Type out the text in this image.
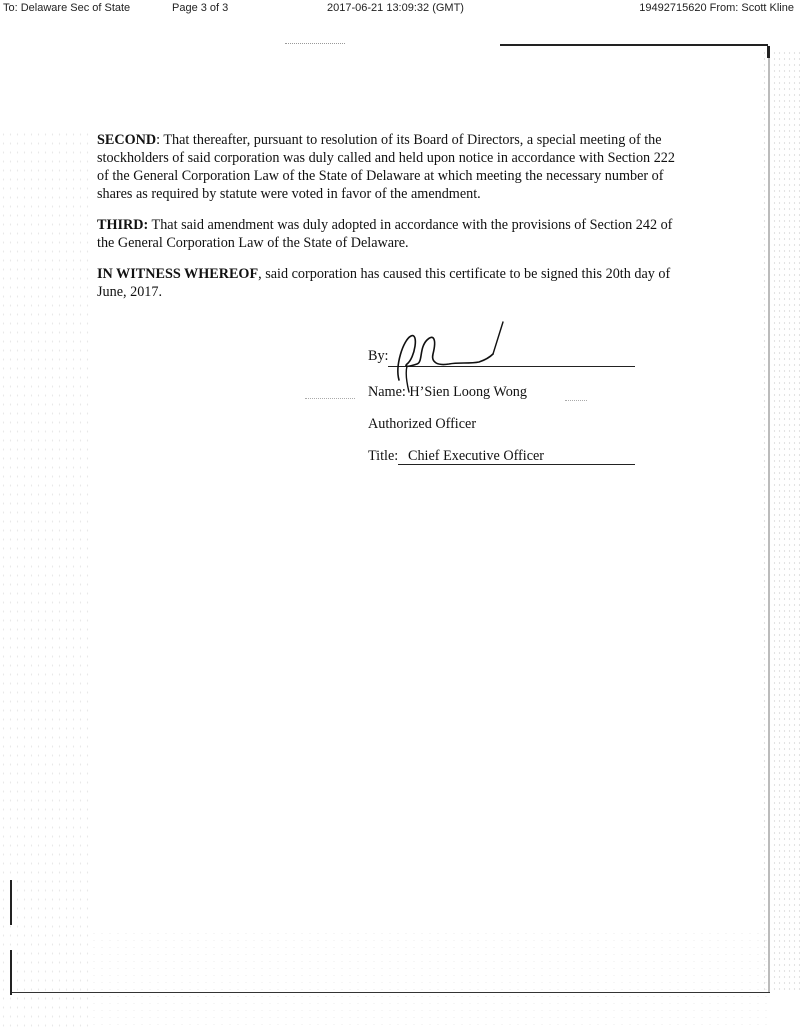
To: Delaware Sec of State	Page 3 of 3	2017-06-21 13:09:32 (GMT)	19492715620 From: Scott Kline
SECOND: That thereafter, pursuant to resolution of its Board of Directors, a special meeting of the stockholders of said corporation was duly called and held upon notice in accordance with Section 222 of the General Corporation Law of the State of Delaware at which meeting the necessary number of shares as required by statute were voted in favor of the amendment.
THIRD: That said amendment was duly adopted in accordance with the provisions of Section 242 of the General Corporation Law of the State of Delaware.
IN WITNESS WHEREOF, said corporation has caused this certificate to be signed this 20th day of June, 2017.
By:
Name: H’Sien Loong Wong
Authorized Officer
Title: Chief Executive Officer
